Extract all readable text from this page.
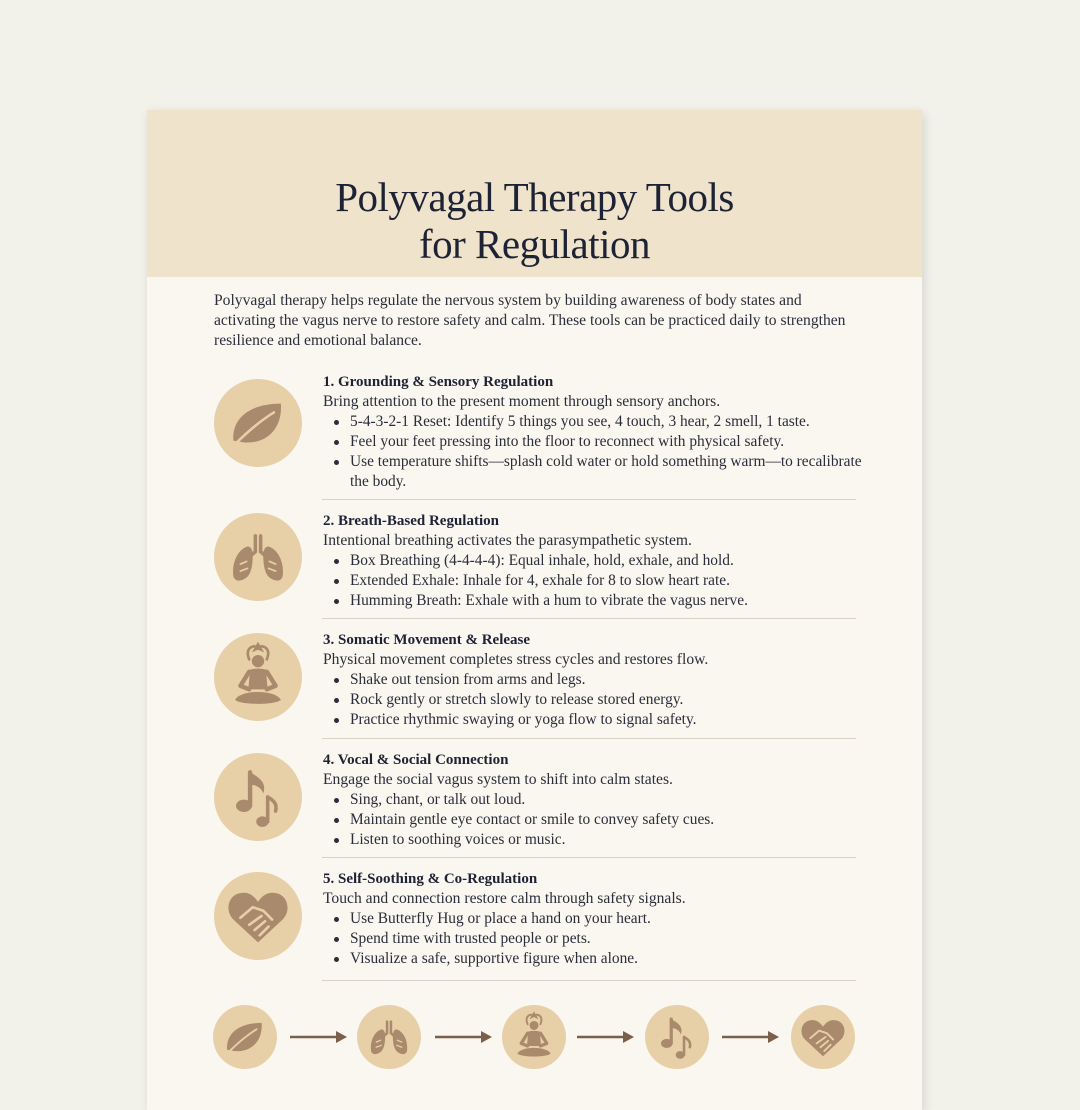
Polyvagal Therapy Tools
for Regulation
Polyvagal therapy helps regulate the nervous system by building awareness of body states and activating the vagus nerve to restore safety and calm. These tools can be practiced daily to strengthen resilience and emotional balance.
1. Grounding & Sensory Regulation
Bring attention to the present moment through sensory anchors.
5-4-3-2-1 Reset: Identify 5 things you see, 4 touch, 3 hear, 2 smell, 1 taste.
Feel your feet pressing into the floor to reconnect with physical safety.
Use temperature shifts—splash cold water or hold something warm—to recalibrate the body.
2. Breath-Based Regulation
Intentional breathing activates the parasympathetic system.
Box Breathing (4-4-4-4): Equal inhale, hold, exhale, and hold.
Extended Exhale: Inhale for 4, exhale for 8 to slow heart rate.
Humming Breath: Exhale with a hum to vibrate the vagus nerve.
3. Somatic Movement & Release
Physical movement completes stress cycles and restores flow.
Shake out tension from arms and legs.
Rock gently or stretch slowly to release stored energy.
Practice rhythmic swaying or yoga flow to signal safety.
4. Vocal & Social Connection
Engage the social vagus system to shift into calm states.
Sing, chant, or talk out loud.
Maintain gentle eye contact or smile to convey safety cues.
Listen to soothing voices or music.
5. Self-Soothing & Co-Regulation
Touch and connection restore calm through safety signals.
Use Butterfly Hug or place a hand on your heart.
Spend time with trusted people or pets.
Visualize a safe, supportive figure when alone.
